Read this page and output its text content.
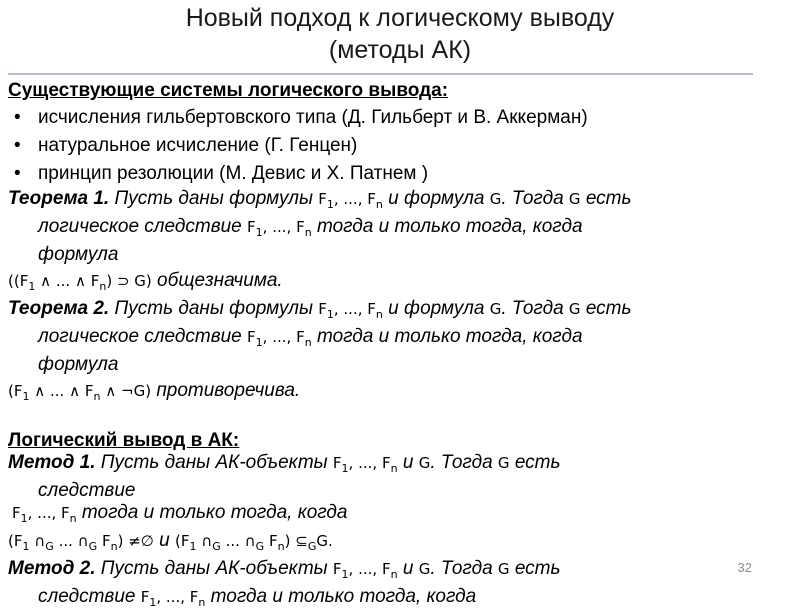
Новый подход к логическому выводу
(методы АК)

Существующие системы логического вывода:

• исчисления гильбертовского типа (Д. Гильберт и В. Аккерман)
• натуральное исчисление (Г. Генцен)
• принцип резолюции (М. Девис и Х. Патнем )
Теорема 1. Пусть даны формулы $F_1$, ..., $F_n$ и формула G. Тогда G есть
логическое следствие $F_1$, ..., $F_n$ тогда и только тогда, когда
формула
(($F_1$ ∧ ... ∧ $F_n$) ⊃ G) общезначима.
Теорема 2. Пусть даны формулы $F_1$, ..., $F_n$ и формула G. Тогда G есть
логическое следствие $F_1$, ..., $F_n$ тогда и только тогда, когда
формула
($F_1$ ∧ ... ∧ $F_n$ ∧ ¬G) противоречива.

Логический вывод в АК:

Метод 1. Пусть даны АК-объекты $F_1$, ..., $F_n$ и G. Тогда G есть
следствие
$F_1$, ..., $F_n$ тогда и только тогда, когда
($F_1$ $\cap_G$ ... $\cap_G$ $F_n$) ≠∅ и ($F_1$ $\cap_G$ ... $\cap_G$ $F_n$) $⊆_GG$.
Метод 2. Пусть даны АК-объекты $F_1$, ..., $F_n$ и G. Тогда G есть
следствие $F_1$, ..., $F_n$ тогда и только тогда, когда
32
